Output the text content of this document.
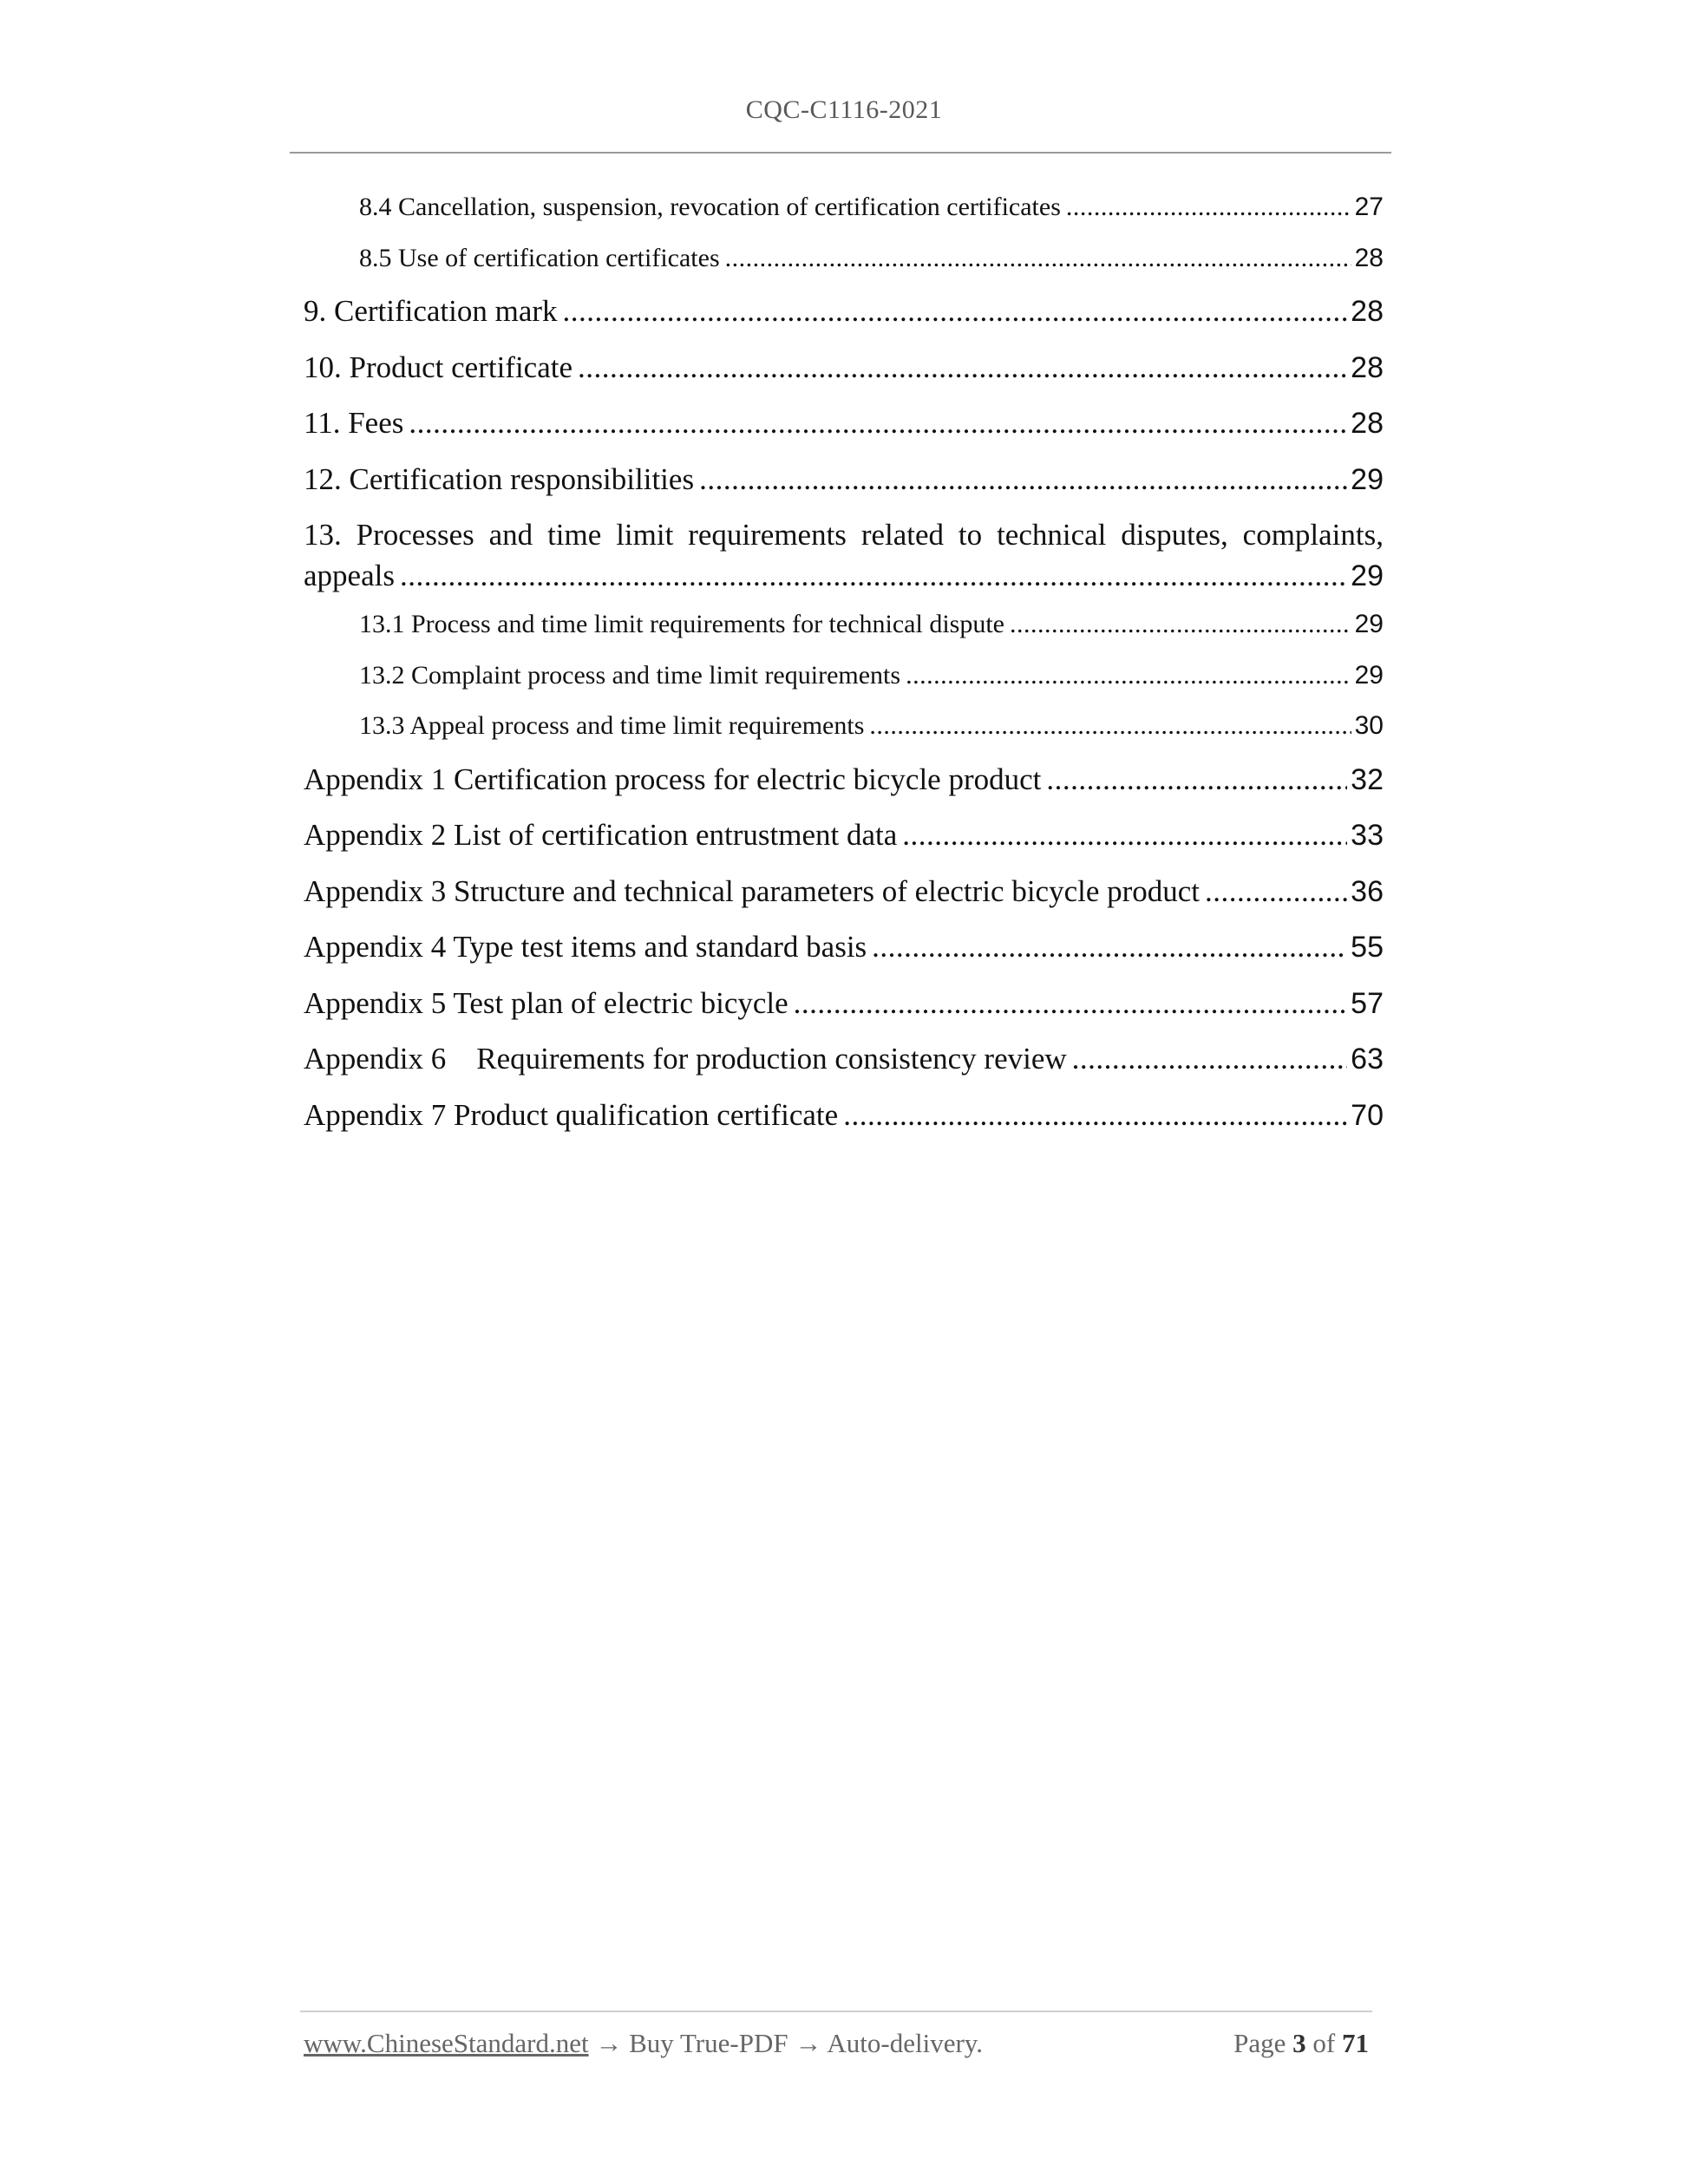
CQC-C1116-2021
8.4 Cancellation, suspension, revocation of certification certificates .....	27
8.5 Use of certification certificates .....	28
9. Certification mark .....	28
10. Product certificate .....	28
11. Fees .....	28
12. Certification responsibilities .....	29
13. Processes and time limit requirements related to technical disputes, complaints,
appeals .....	29
13.1 Process and time limit requirements for technical dispute .....	29
13.2 Complaint process and time limit requirements .....	29
13.3 Appeal process and time limit requirements .....	30
Appendix 1 Certification process for electric bicycle product .....	32
Appendix 2 List of certification entrustment data .....	33
Appendix 3 Structure and technical parameters of electric bicycle product .....	36
Appendix 4 Type test items and standard basis .....	55
Appendix 5 Test plan of electric bicycle .....	57
Appendix 6    Requirements for production consistency review .....	63
Appendix 7 Product qualification certificate .....	70
www.ChineseStandard.net → Buy True-PDF → Auto-delivery.	Page 3 of 71
